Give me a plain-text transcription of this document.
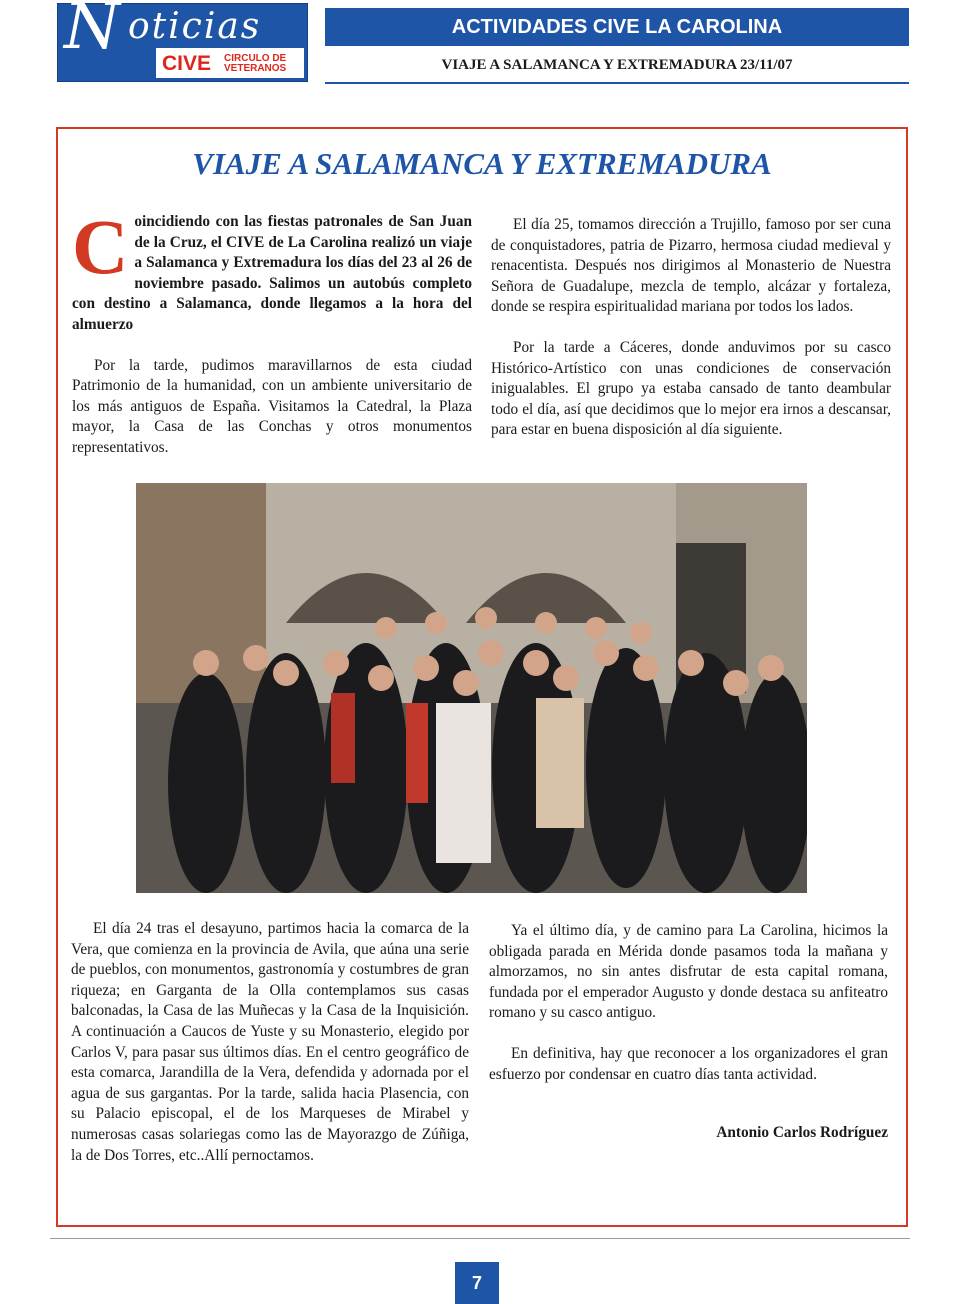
N oticias
CIVE CIRCULO DE
VETERANOS
ACTIVIDADES CIVE LA CAROLINA
VIAJE A SALAMANCA Y EXTREMADURA 23/11/07
VIAJE A SALAMANCA Y EXTREMADURA

Coincidiendo con las fiestas patronales de San Juan de la Cruz, el CIVE de La Carolina realizó un viaje a Salamanca y Extremadura los días del 23 al 26 de noviembre pasado. Salimos un autobús completo con destino a Salamanca, donde llegamos a la hora del almuerzo

Por la tarde, pudimos maravillarnos de esta ciudad Patrimonio de la humanidad, con un ambiente universitario de los más antiguos de España. Visitamos la Catedral, la Plaza mayor, la Casa de las Conchas y otros monumentos representativos.

El día 25, tomamos dirección a Trujillo, famoso por ser cuna de conquistadores, patria de Pizarro, hermosa ciudad medieval y renacentista. Después nos dirigimos al Monasterio de Nuestra Señora de Guadalupe, mezcla de templo, alcázar y fortaleza, donde se respira espiritualidad mariana por todos los lados.

Por la tarde a Cáceres, donde anduvimos por su casco Histórico-Artístico con unas condiciones de conservación inigualables. El grupo ya estaba cansado de tanto deambular todo el día, así que decidimos que lo mejor era irnos a descansar, para estar en buena disposición al día siguiente.

El día 24 tras el desayuno, partimos hacia la comarca de la Vera, que comienza en la provincia de Avila, que aúna una serie de pueblos, con monumentos, gastronomía y costumbres de gran riqueza; en Garganta de la Olla contemplamos sus casas balconadas, la Casa de las Muñecas y la Casa de la Inquisición. A continuación a Caucos de Yuste y su Monasterio, elegido por Carlos V, para pasar sus últimos días. En el centro geográfico de esta comarca, Jarandilla de la Vera, defendida y adornada por el agua de sus gargantas. Por la tarde, salida hacia Plasencia, con su Palacio episcopal, el de los Marqueses de Mirabel y numerosas casas solariegas como las de Mayorazgo de Zúñiga, la de Dos Torres, etc..Allí pernoctamos.

Ya el último día, y de camino para La Carolina, hicimos la obligada parada en Mérida donde pasamos toda la mañana y almorzamos, no sin antes disfrutar de esta capital romana, fundada por el emperador Augusto y donde destaca su anfiteatro romano y su casco antiguo.

En definitiva, hay que reconocer a los organizadores el gran esfuerzo por condensar en cuatro días tanta actividad.

Antonio Carlos Rodríguez
7
